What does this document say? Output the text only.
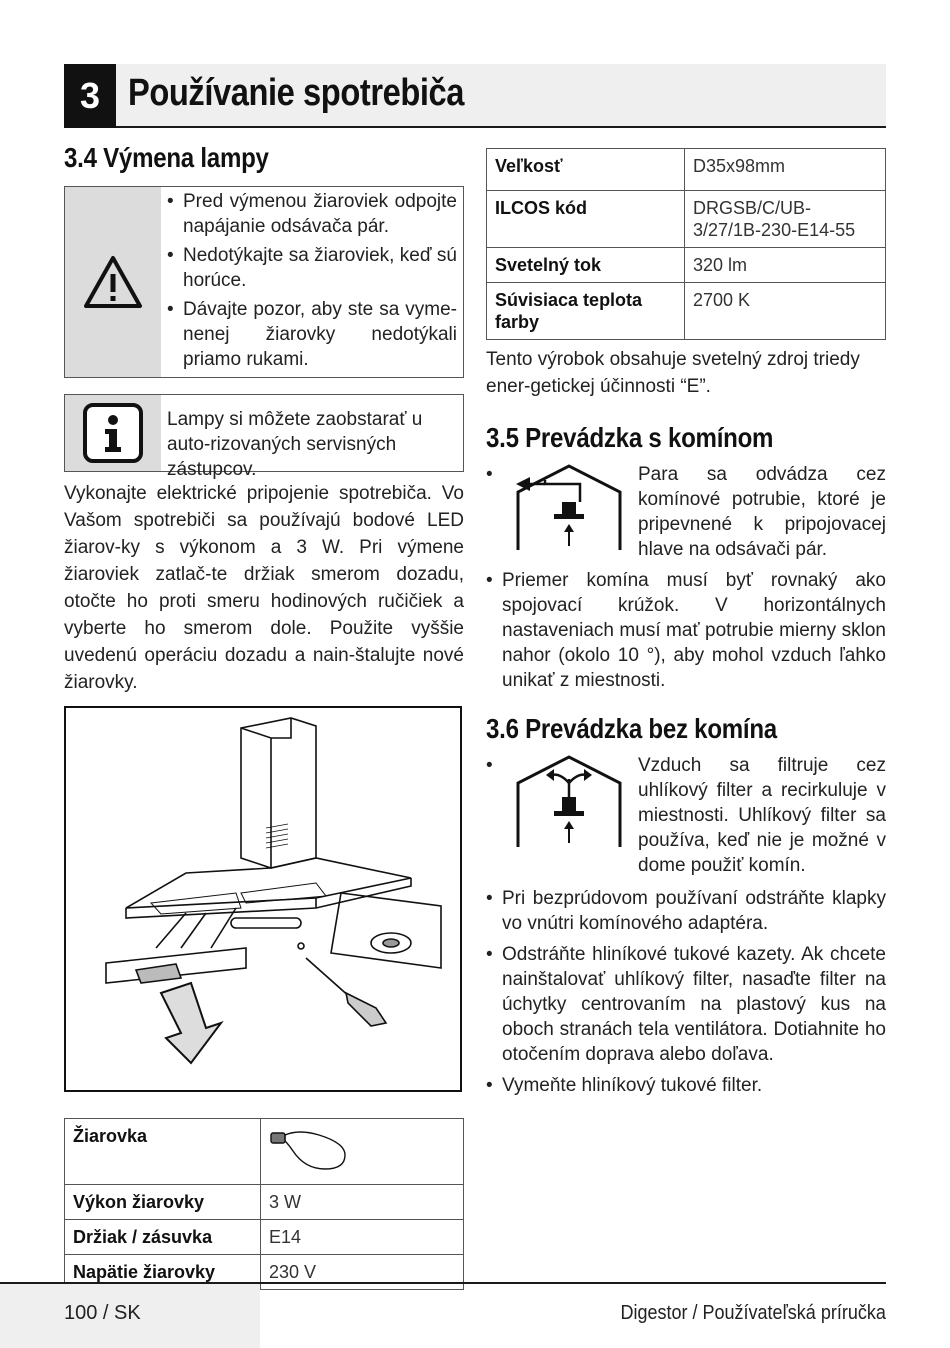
3 Používanie spotrebiča
3.4 Výmena lampy
• Pred výmenou žiaroviek odpojte napájanie odsávača pár.
• Nedotýkajte sa žiaroviek, keď sú horúce.
• Dávajte pozor, aby ste sa vyme-nenej žiarovky nedotýkali priamo rukami.
Lampy si môžete zaobstarať u auto-rizovaných servisných zástupcov.

Vykonajte elektrické pripojenie spotrebiča. Vo Vašom spotrebiči sa používajú bodové LED žiarov-ky s výkonom a 3 W. Pri výmene žiaroviek zatlač-te držiak smerom dozadu, otočte ho proti smeru hodinových ručičiek a vyberte ho smerom dole. Použite vyššie uvedenú operáciu dozadu a nain-štalujte nové žiarovky.

Žiarovka	
Výkon žiarovky	3 W
Držiak / zásuvka	E14
Napätie žiarovky	230 V
Veľkosť	D35x98mm
ILCOS kód	DRGSB/C/UB-3/27/1B-230-E14-55
Svetelný tok	320 lm
Súvisiaca teplota farby	2700 K

Tento výrobok obsahuje svetelný zdroj triedy ener-getickej účinnosti “E”.

3.5 Prevádzka s komínom
•	Para sa odvádza cez komínové potrubie, ktoré je pripevnené k pripojovacej hlave na odsávači pár.
• Priemer komína musí byť rovnaký ako spojovací krúžok. V horizontálnych nastaveniach musí mať potrubie mierny sklon nahor (okolo 10 °), aby mohol vzduch ľahko unikať z miestnosti.
3.6 Prevádzka bez komína
•	Vzduch sa filtruje cez uhlíkový filter a recirkuluje v miestnosti. Uhlíkový filter sa používa, keď nie je možné v dome použiť komín.
• Pri bezprúdovom používaní odstráňte klapky vo vnútri komínového adaptéra.
• Odstráňte hliníkové tukové kazety. Ak chcete nainštalovať uhlíkový filter, nasaďte filter na úchytky centrovaním na plastový kus na oboch stranách tela ventilátora. Dotiahnite ho otočením doprava alebo doľava.
• Vymeňte hliníkový tukové filter.
100 / SK	Digestor / Používateľská príručka
